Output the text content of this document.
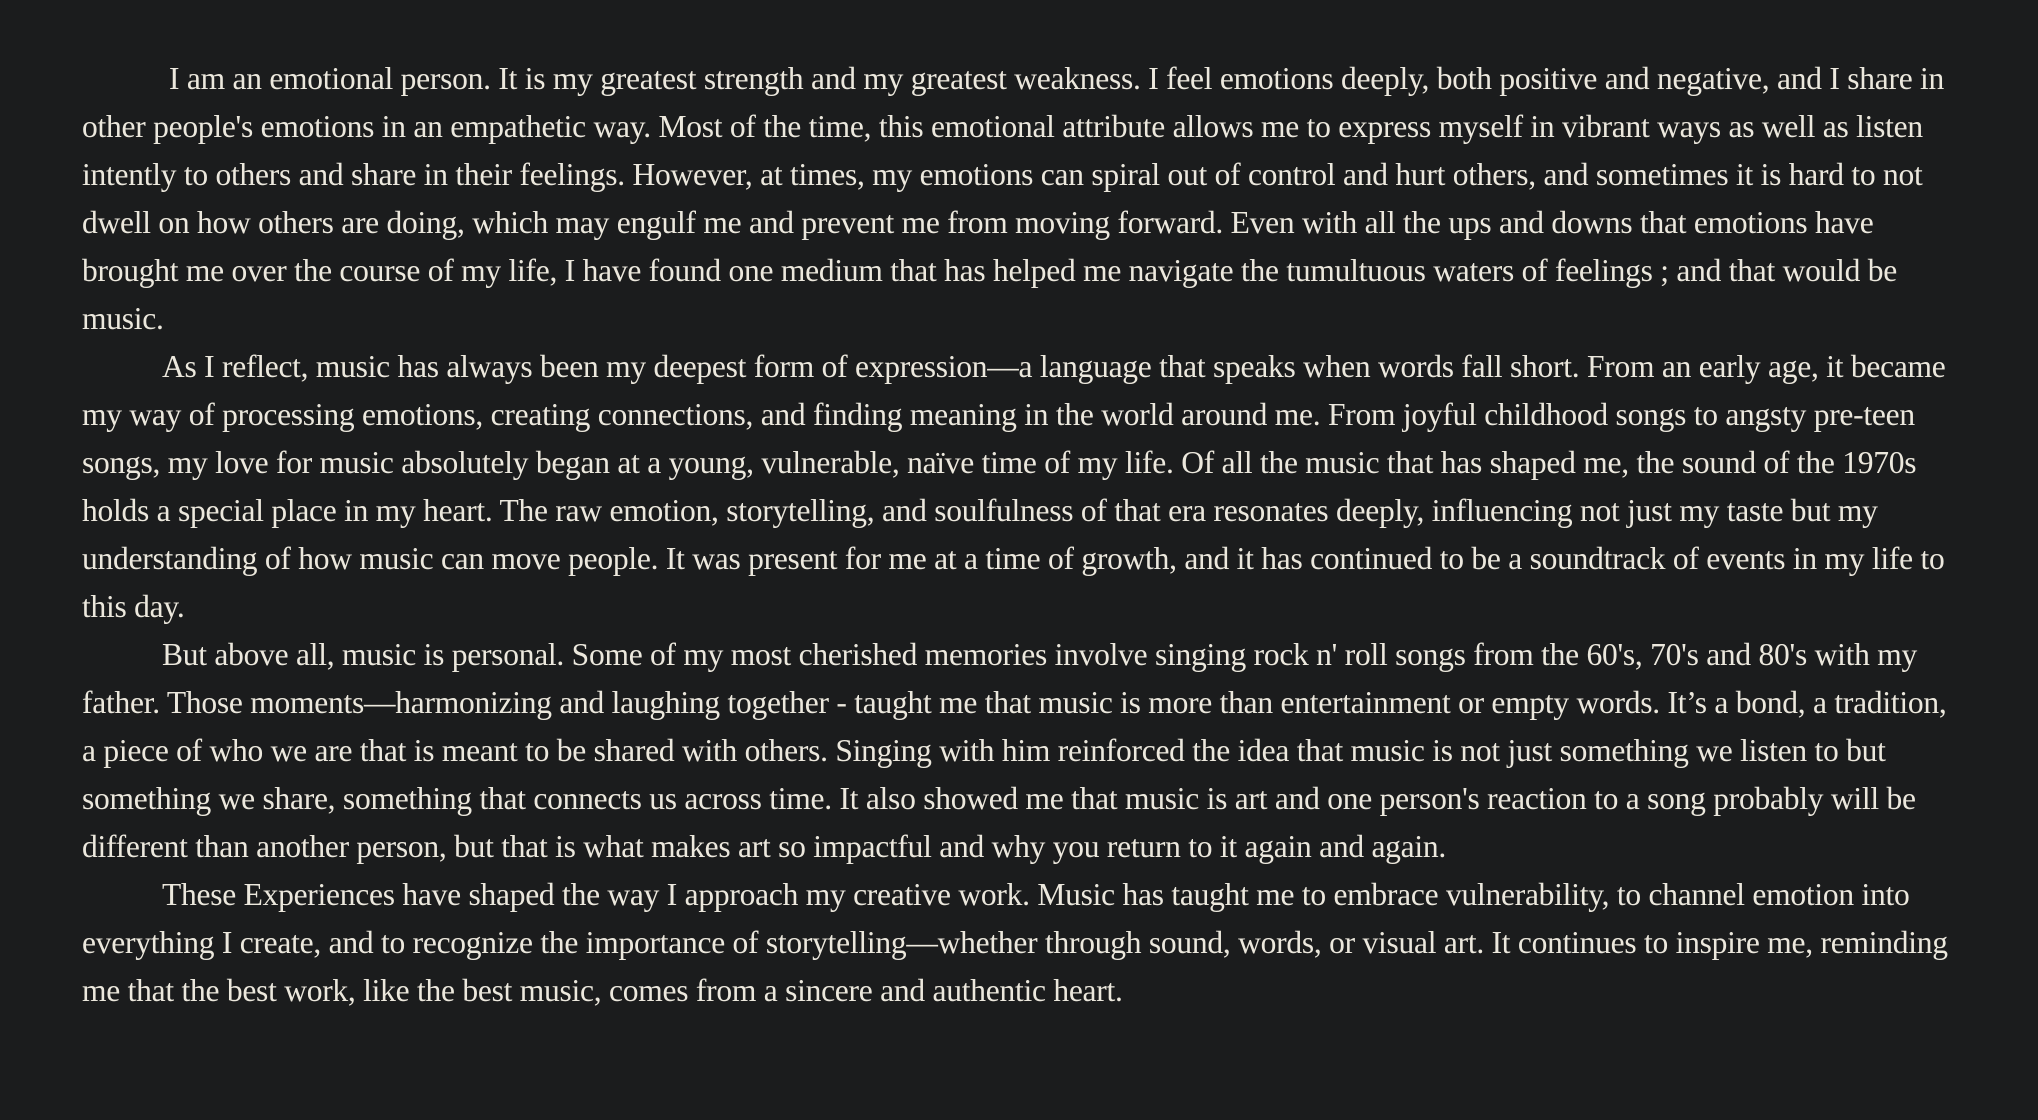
I am an emotional person. It is my greatest strength and my greatest weakness. I feel emotions deeply, both positive and negative, and I share in other people's emotions in an empathetic way. Most of the time, this emotional attribute allows me to express myself in vibrant ways as well as listen intently to others and share in their feelings. However, at times, my emotions can spiral out of control and hurt others, and sometimes it is hard to not dwell on how others are doing, which may engulf me and prevent me from moving forward. Even with all the ups and downs that emotions have brought me over the course of my life, I have found one medium that has helped me navigate the tumultuous waters of feelings ; and that would be music.

As I reflect, music has always been my deepest form of expression—a language that speaks when words fall short. From an early age, it became my way of processing emotions, creating connections, and finding meaning in the world around me. From joyful childhood songs to angsty pre-teen songs, my love for music absolutely began at a young, vulnerable, naïve time of my life. Of all the music that has shaped me, the sound of the 1970s holds a special place in my heart. The raw emotion, storytelling, and soulfulness of that era resonates deeply, influencing not just my taste but my understanding of how music can move people. It was present for me at a time of growth, and it has continued to be a soundtrack of events in my life to this day.

But above all, music is personal. Some of my most cherished memories involve singing rock n' roll songs from the 60's, 70's and 80's with my father. Those moments—harmonizing and laughing together - taught me that music is more than entertainment or empty words. It’s a bond, a tradition, a piece of who we are that is meant to be shared with others. Singing with him reinforced the idea that music is not just something we listen to but something we share, something that connects us across time. It also showed me that music is art and one person's reaction to a song probably will be different than another person, but that is what makes art so impactful and why you return to it again and again.

These Experiences have shaped the way I approach my creative work. Music has taught me to embrace vulnerability, to channel emotion into everything I create, and to recognize the importance of storytelling—whether through sound, words, or visual art. It continues to inspire me, reminding me that the best work, like the best music, comes from a sincere and authentic heart.
